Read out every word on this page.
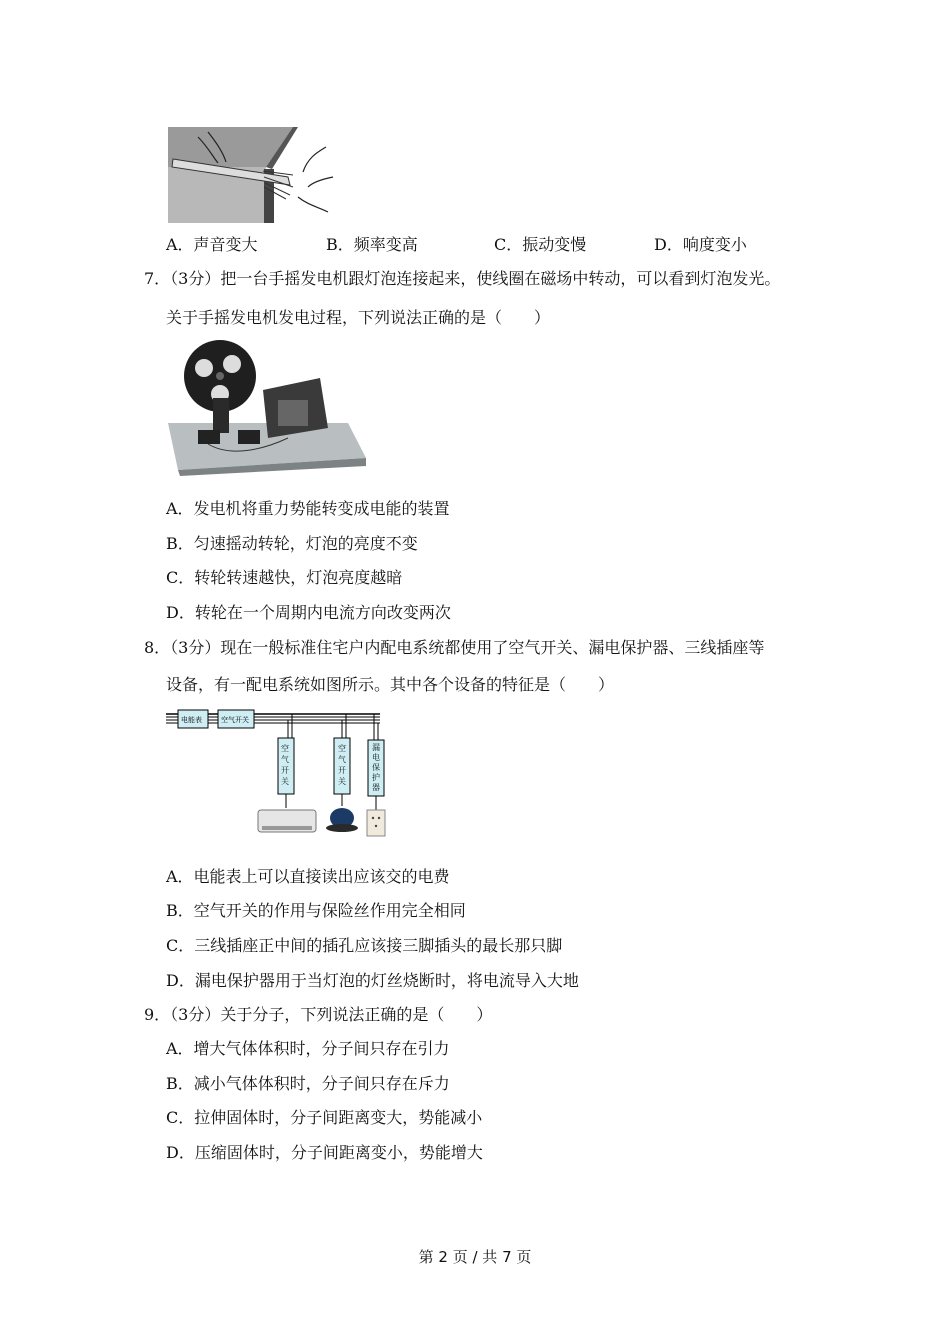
A．声音变大	B．频率变高	C．振动变慢	D．响度变小
7．（3分）把一台手摇发电机跟灯泡连接起来，使线圈在磁场中转动，可以看到灯泡发光。
关于手摇发电机发电过程，下列说法正确的是（　　）
A．发电机将重力势能转变成电能的装置
B．匀速摇动转轮，灯泡的亮度不变
C．转轮转速越快，灯泡亮度越暗
D．转轮在一个周期内电流方向改变两次
8．（3分）现在一般标准住宅户内配电系统都使用了空气开关、漏电保护器、三线插座等
设备，有一配电系统如图所示。其中各个设备的特征是（　　）
电能表	空气开关
空气开关
空气开关
漏电保护器
A．电能表上可以直接读出应该交的电费
B．空气开关的作用与保险丝作用完全相同
C．三线插座正中间的插孔应该接三脚插头的最长那只脚
D．漏电保护器用于当灯泡的灯丝烧断时，将电流导入大地
9．（3分）关于分子，下列说法正确的是（　　）
A．增大气体体积时，分子间只存在引力
B．减小气体体积时，分子间只存在斥力
C．拉伸固体时，分子间距离变大，势能减小
D．压缩固体时，分子间距离变小，势能增大
第 2 页 / 共 7 页
